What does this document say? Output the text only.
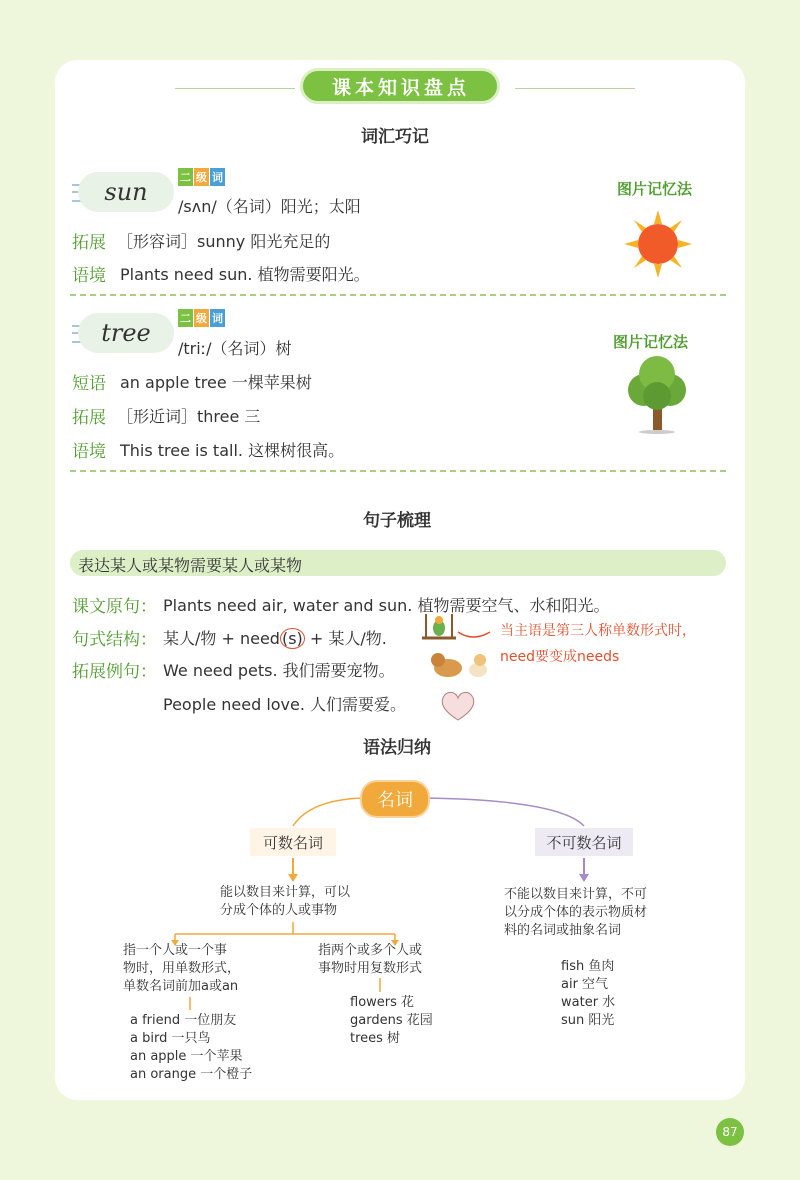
课 本 知 识 盘 点
词汇巧记
sun
二 级 词
/sʌn/（名词）阳光；太阳
拓展 ［形容词］sunny 阳光充足的
语境 Plants need sun. 植物需要阳光。
图片记忆法
tree
二 级 词
/triː/（名词）树
短语 an apple tree 一棵苹果树
拓展 ［形近词］three 三
语境 This tree is tall. 这棵树很高。
图片记忆法
句子梳理
表达某人或某物需要某人或某物
课文原句： Plants need air, water and sun. 植物需要空气、水和阳光。
句式结构： 某人/物 + need (s) + 某人/物.	当主语是第三人称单数形式时，
need要变成needs
拓展例句： We need pets. 我们需要宠物。
People need love. 人们需要爱。
语法归纳
名词
可数名词	不可数名词
能以数目来计算，可以
分成个体的人或事物
不能以数目来计算，不可
以分成个体的表示物质材
料的名词或抽象名词
指一个人或一个事
物时，用单数形式，
单数名词前加a或an
指两个或多个人或
事物时用复数形式
a friend 一位朋友
a bird 一只鸟
an apple 一个苹果
an orange 一个橙子
flowers 花
gardens 花园
trees 树
fish 鱼肉
air 空气
water 水
sun 阳光
87
